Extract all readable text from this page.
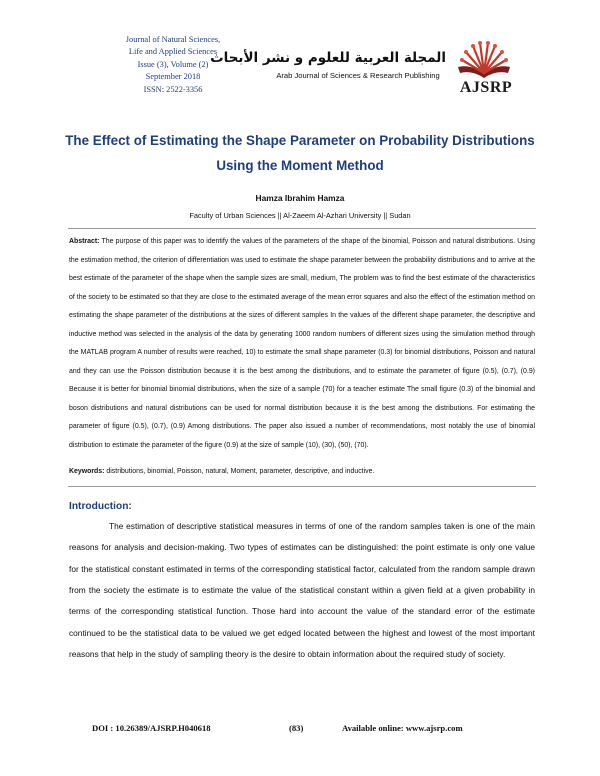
Journal of Natural Sciences,
Life and Applied Sciences
Issue (3), Volume (2)
September 2018
ISSN: 2522-3356
المجلة العربية للعلوم و نشر الأبحاث
Arab Journal of Sciences & Research Publishing
AJSRP
The Effect of Estimating the Shape Parameter on Probability Distributions
Using the Moment Method
Hamza Ibrahim Hamza
Faculty of Urban Sciences || Al-Zaeem Al-Azhari University || Sudan
Abstract: The purpose of this paper was to identify the values of the parameters of the shape of the binomial, Poisson and natural distributions. Using the estimation method, the criterion of differentiation was used to estimate the shape parameter between the probability distributions and to arrive at the best estimate of the parameter of the shape when the sample sizes are small, medium, The problem was to find the best estimate of the characteristics of the society to be estimated so that they are close to the estimated average of the mean error squares and also the effect of the estimation method on estimating the shape parameter of the distributions at the sizes of different samples In the values of the different shape parameter, the descriptive and inductive method was selected in the analysis of the data by generating 1000 random numbers of different sizes using the simulation method through the MATLAB program A number of results were reached, 10) to estimate the small shape parameter (0.3) for binomial distributions, Poisson and natural and they can use the Poisson distribution because it is the best among the distributions, and to estimate the parameter of figure (0.5), (0.7), (0.9) Because it is better for binomial binomial distributions, when the size of a sample (70) for a teacher estimate The small figure (0.3) of the binomial and boson distributions and natural distributions can be used for normal distribution because it is the best among the distributions. For estimating the parameter of figure (0.5), (0.7), (0.9) Among distributions. The paper also issued a number of recommendations, most notably the use of binomial distribution to estimate the parameter of the figure (0.9) at the size of sample (10), (30), (50), (70).
Keywords: distributions, binomial, Poisson, natural, Moment, parameter, descriptive, and inductive.
Introduction:
The estimation of descriptive statistical measures in terms of one of the random samples taken is one of the main reasons for analysis and decision-making. Two types of estimates can be distinguished: the point estimate is only one value for the statistical constant estimated in terms of the corresponding statistical factor, calculated from the random sample drawn from the society the estimate is to estimate the value of the statistical constant within a given field at a given probability in terms of the corresponding statistical function. Those hard into account the value of the standard error of the estimate continued to be the statistical data to be valued we get edged located between the highest and lowest of the most important reasons that help in the study of sampling theory is the desire to obtain information about the required study of society.
DOI : 10.26389/AJSRP.H040618	(83)	Available online: www.ajsrp.com
